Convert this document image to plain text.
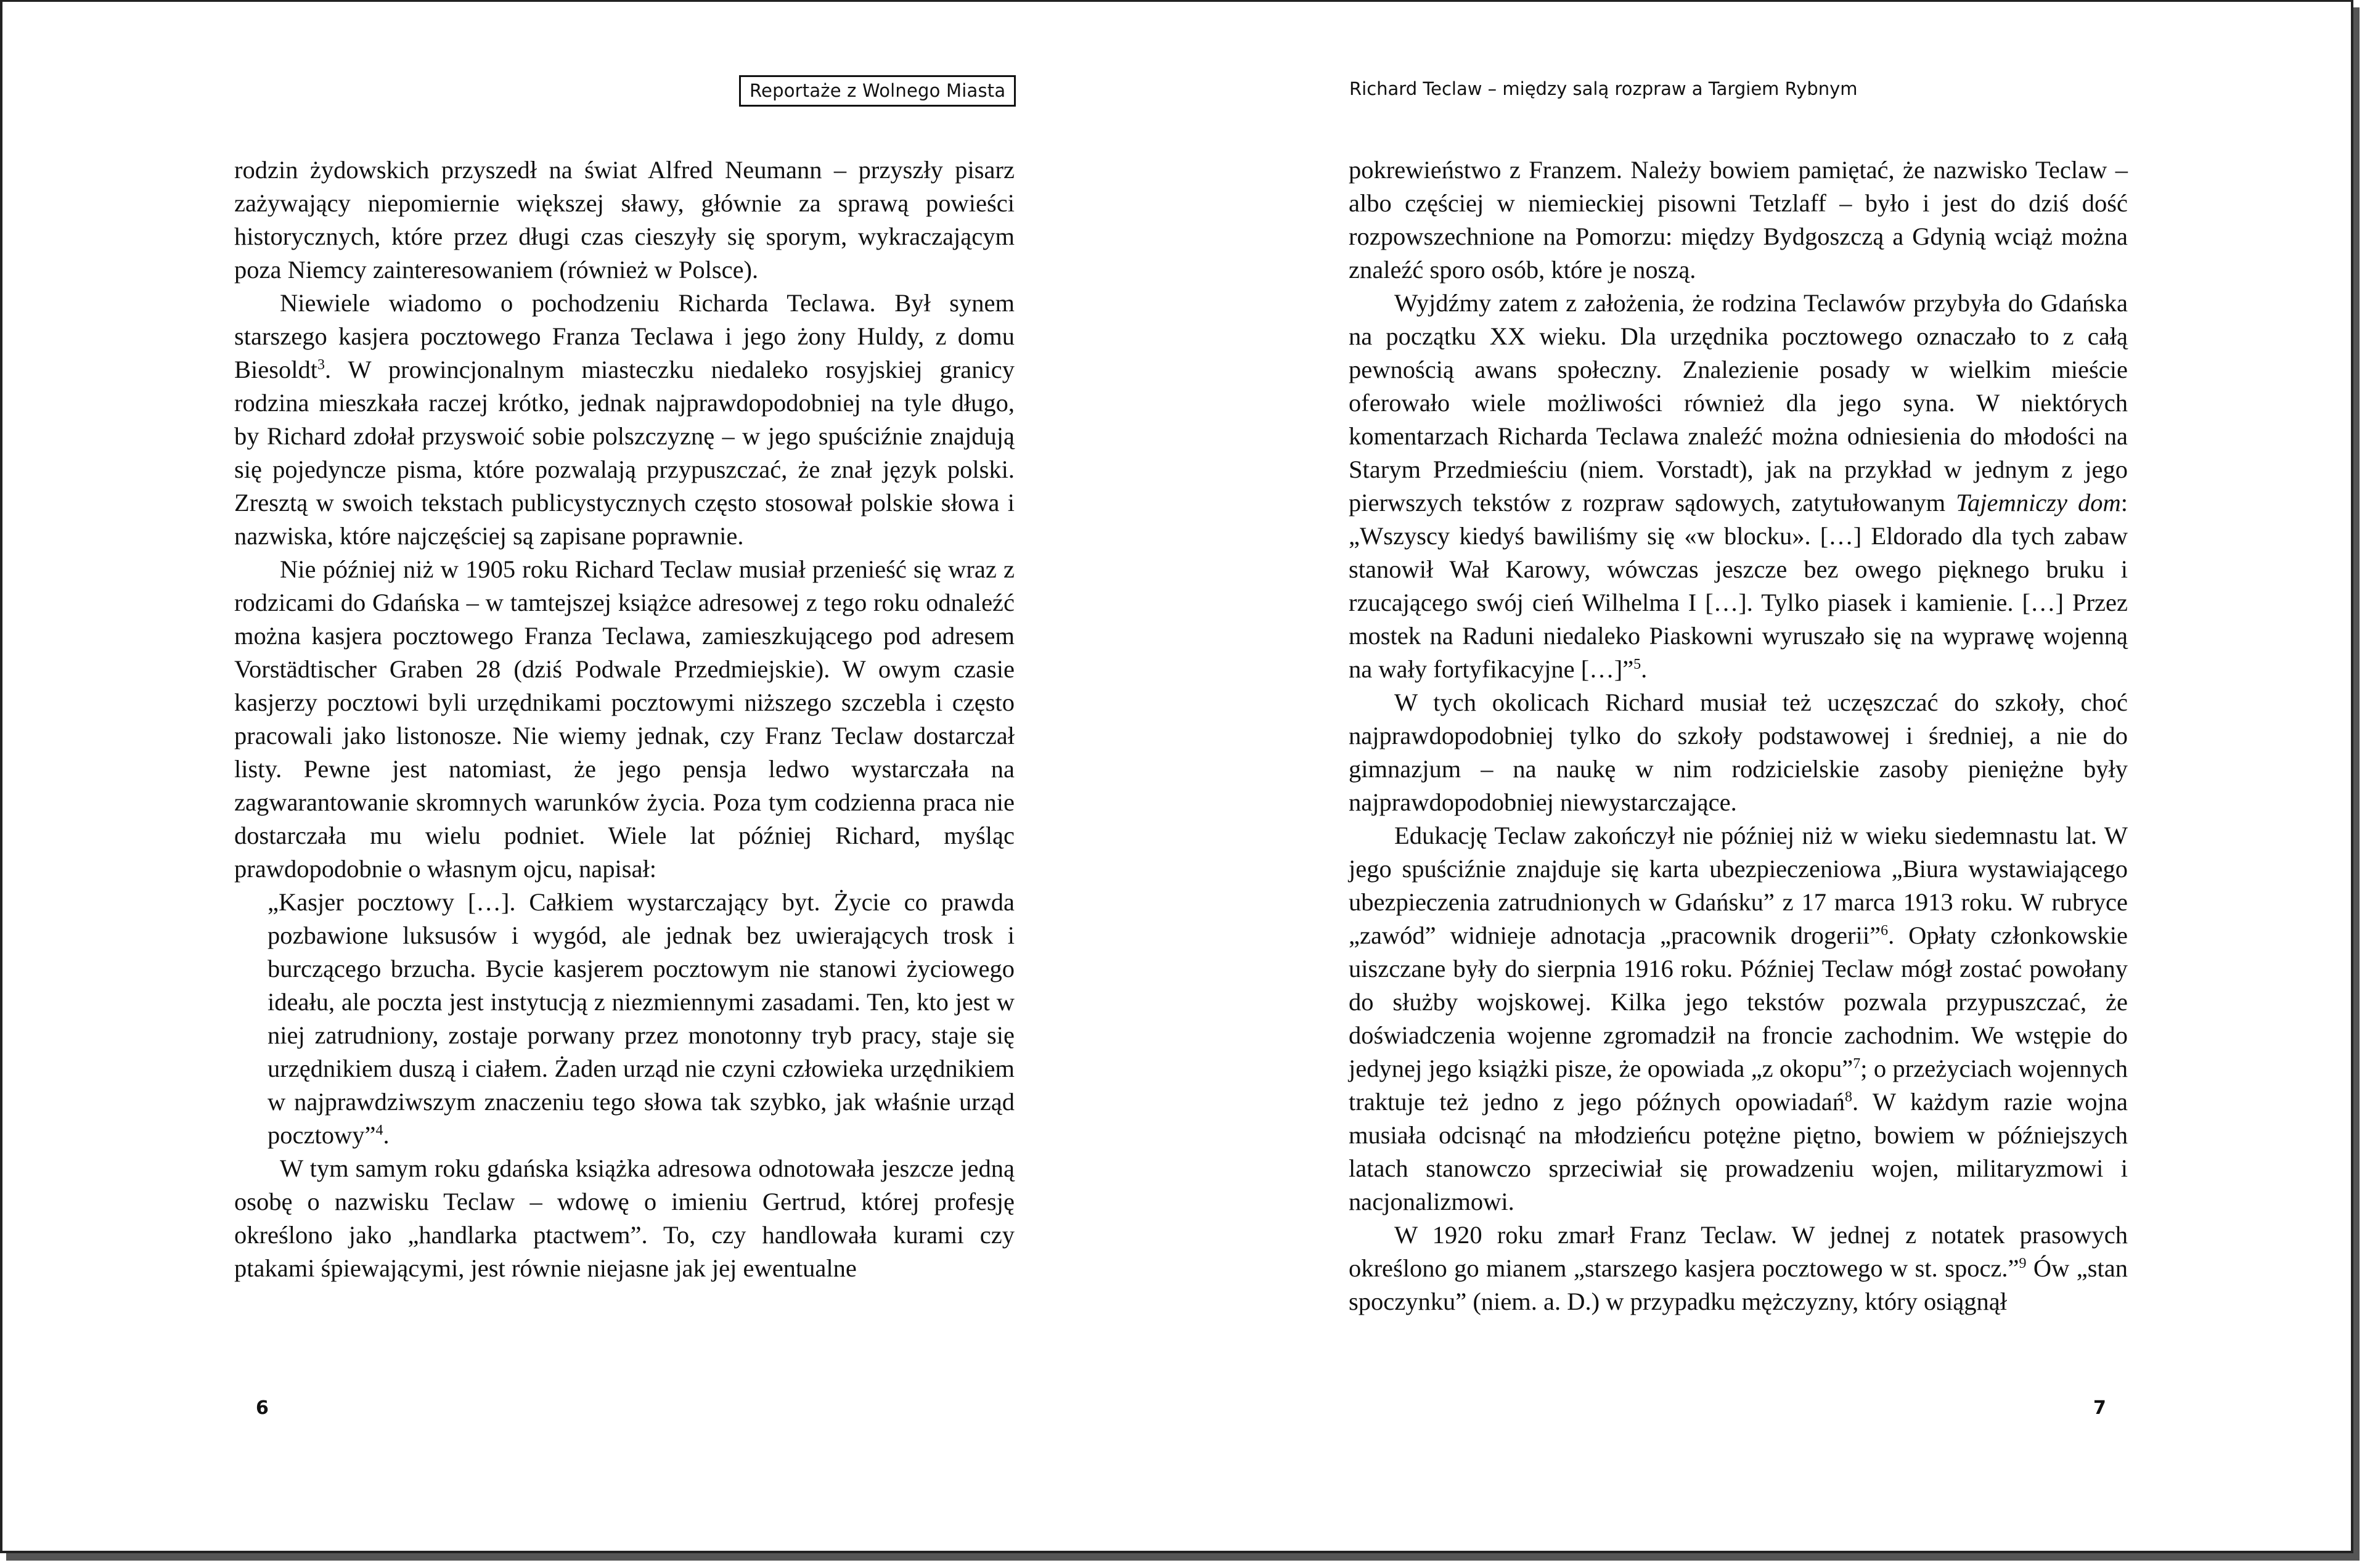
Reportaże z Wolnego Miasta

rodzin żydowskich przyszedł na świat Alfred Neumann – przyszły pisarz zażywający niepomiernie większej sławy, głównie za sprawą powieści historycznych, które przez długi czas cieszyły się sporym, wykraczającym poza Niemcy zainteresowaniem (również w Polsce).

Niewiele wiadomo o pochodzeniu Richarda Teclawa. Był synem starszego kasjera pocztowego Franza Teclawa i jego żony Huldy, z domu Biesoldt$^3$. W prowincjonalnym miasteczku niedaleko rosyjskiej granicy rodzina mieszkała raczej krótko, jednak najprawdopodobniej na tyle długo, by Richard zdołał przyswoić sobie polszczyznę – w jego spuściźnie znajdują się pojedyncze pisma, które pozwalają przypuszczać, że znał język polski. Zresztą w swoich tekstach publicystycznych często stosował polskie słowa i nazwiska, które najczęściej są zapisane poprawnie.

Nie później niż w 1905 roku Richard Teclaw musiał przenieść się wraz z rodzicami do Gdańska – w tamtejszej książce adresowej z tego roku odnaleźć można kasjera pocztowego Franza Teclawa, zamieszkującego pod adresem Vorstädtischer Graben 28 (dziś Podwale Przedmiejskie). W owym czasie kasjerzy pocztowi byli urzędnikami pocztowymi niższego szczebla i często pracowali jako listonosze. Nie wiemy jednak, czy Franz Teclaw dostarczał listy. Pewne jest natomiast, że jego pensja ledwo wystarczała na zagwarantowanie skromnych warunków życia. Poza tym codzienna praca nie dostarczała mu wielu podniet. Wiele lat później Richard, myśląc prawdopodobnie o własnym ojcu, napisał:

„Kasjer pocztowy […]. Całkiem wystarczający byt. Życie co prawda pozbawione luksusów i wygód, ale jednak bez uwierających trosk i burczącego brzucha. Bycie kasjerem pocztowym nie stanowi życiowego ideału, ale poczta jest instytucją z niezmiennymi zasadami. Ten, kto jest w niej zatrudniony, zostaje porwany przez monotonny tryb pracy, staje się urzędnikiem duszą i ciałem. Żaden urząd nie czyni człowieka urzędnikiem w najprawdziwszym znaczeniu tego słowa tak szybko, jak właśnie urząd pocztowy”$^4$.

W tym samym roku gdańska książka adresowa odnotowała jeszcze jedną osobę o nazwisku Teclaw – wdowę o imieniu Gertrud, której profesję określono jako „handlarka ptactwem”. To, czy handlowała kurami czy ptakami śpiewającymi, jest równie niejasne jak jej ewentualne

6
Richard Teclaw – między salą rozpraw a Targiem Rybnym

pokrewieństwo z Franzem. Należy bowiem pamiętać, że nazwisko Teclaw – albo częściej w niemieckiej pisowni Tetzlaff – było i jest do dziś dość rozpowszechnione na Pomorzu: między Bydgoszczą a Gdynią wciąż można znaleźć sporo osób, które je noszą.

Wyjdźmy zatem z założenia, że rodzina Teclawów przybyła do Gdańska na początku XX wieku. Dla urzędnika pocztowego oznaczało to z całą pewnością awans społeczny. Znalezienie posady w wielkim mieście oferowało wiele możliwości również dla jego syna. W niektórych komentarzach Richarda Teclawa znaleźć można odniesienia do młodości na Starym Przedmieściu (niem. Vorstadt), jak na przykład w jednym z jego pierwszych tekstów z rozpraw sądowych, zatytułowanym Tajemniczy dom: „Wszyscy kiedyś bawiliśmy się «w blocku». […] Eldorado dla tych zabaw stanowił Wał Karowy, wówczas jeszcze bez owego pięknego bruku i rzucającego swój cień Wilhelma I […]. Tylko piasek i kamienie. […] Przez mostek na Raduni niedaleko Piaskowni wyruszało się na wyprawę wojenną na wały fortyfikacyjne […]”$^5$.

W tych okolicach Richard musiał też uczęszczać do szkoły, choć najprawdopodobniej tylko do szkoły podstawowej i średniej, a nie do gimnazjum – na naukę w nim rodzicielskie zasoby pieniężne były najprawdopodobniej niewystarczające.

Edukację Teclaw zakończył nie później niż w wieku siedemnastu lat. W jego spuściźnie znajduje się karta ubezpieczeniowa „Biura wystawiającego ubezpieczenia zatrudnionych w Gdańsku” z 17 marca 1913 roku. W rubryce „zawód” widnieje adnotacja „pracownik drogerii”$^6$. Opłaty członkowskie uiszczane były do sierpnia 1916 roku. Później Teclaw mógł zostać powołany do służby wojskowej. Kilka jego tekstów pozwala przypuszczać, że doświadczenia wojenne zgromadził na froncie zachodnim. We wstępie do jedynej jego książki pisze, że opowiada „z okopu”$^7$; o przeżyciach wojennych traktuje też jedno z jego późnych opowiadań$^8$. W każdym razie wojna musiała odcisnąć na młodzieńcu potężne piętno, bowiem w późniejszych latach stanowczo sprzeciwiał się prowadzeniu wojen, militaryzmowi i nacjonalizmowi.

W 1920 roku zmarł Franz Teclaw. W jednej z notatek prasowych określono go mianem „starszego kasjera pocztowego w st. spocz.”$^9$ Ów „stan spoczynku” (niem. a. D.) w przypadku mężczyzny, który osiągnął

7
